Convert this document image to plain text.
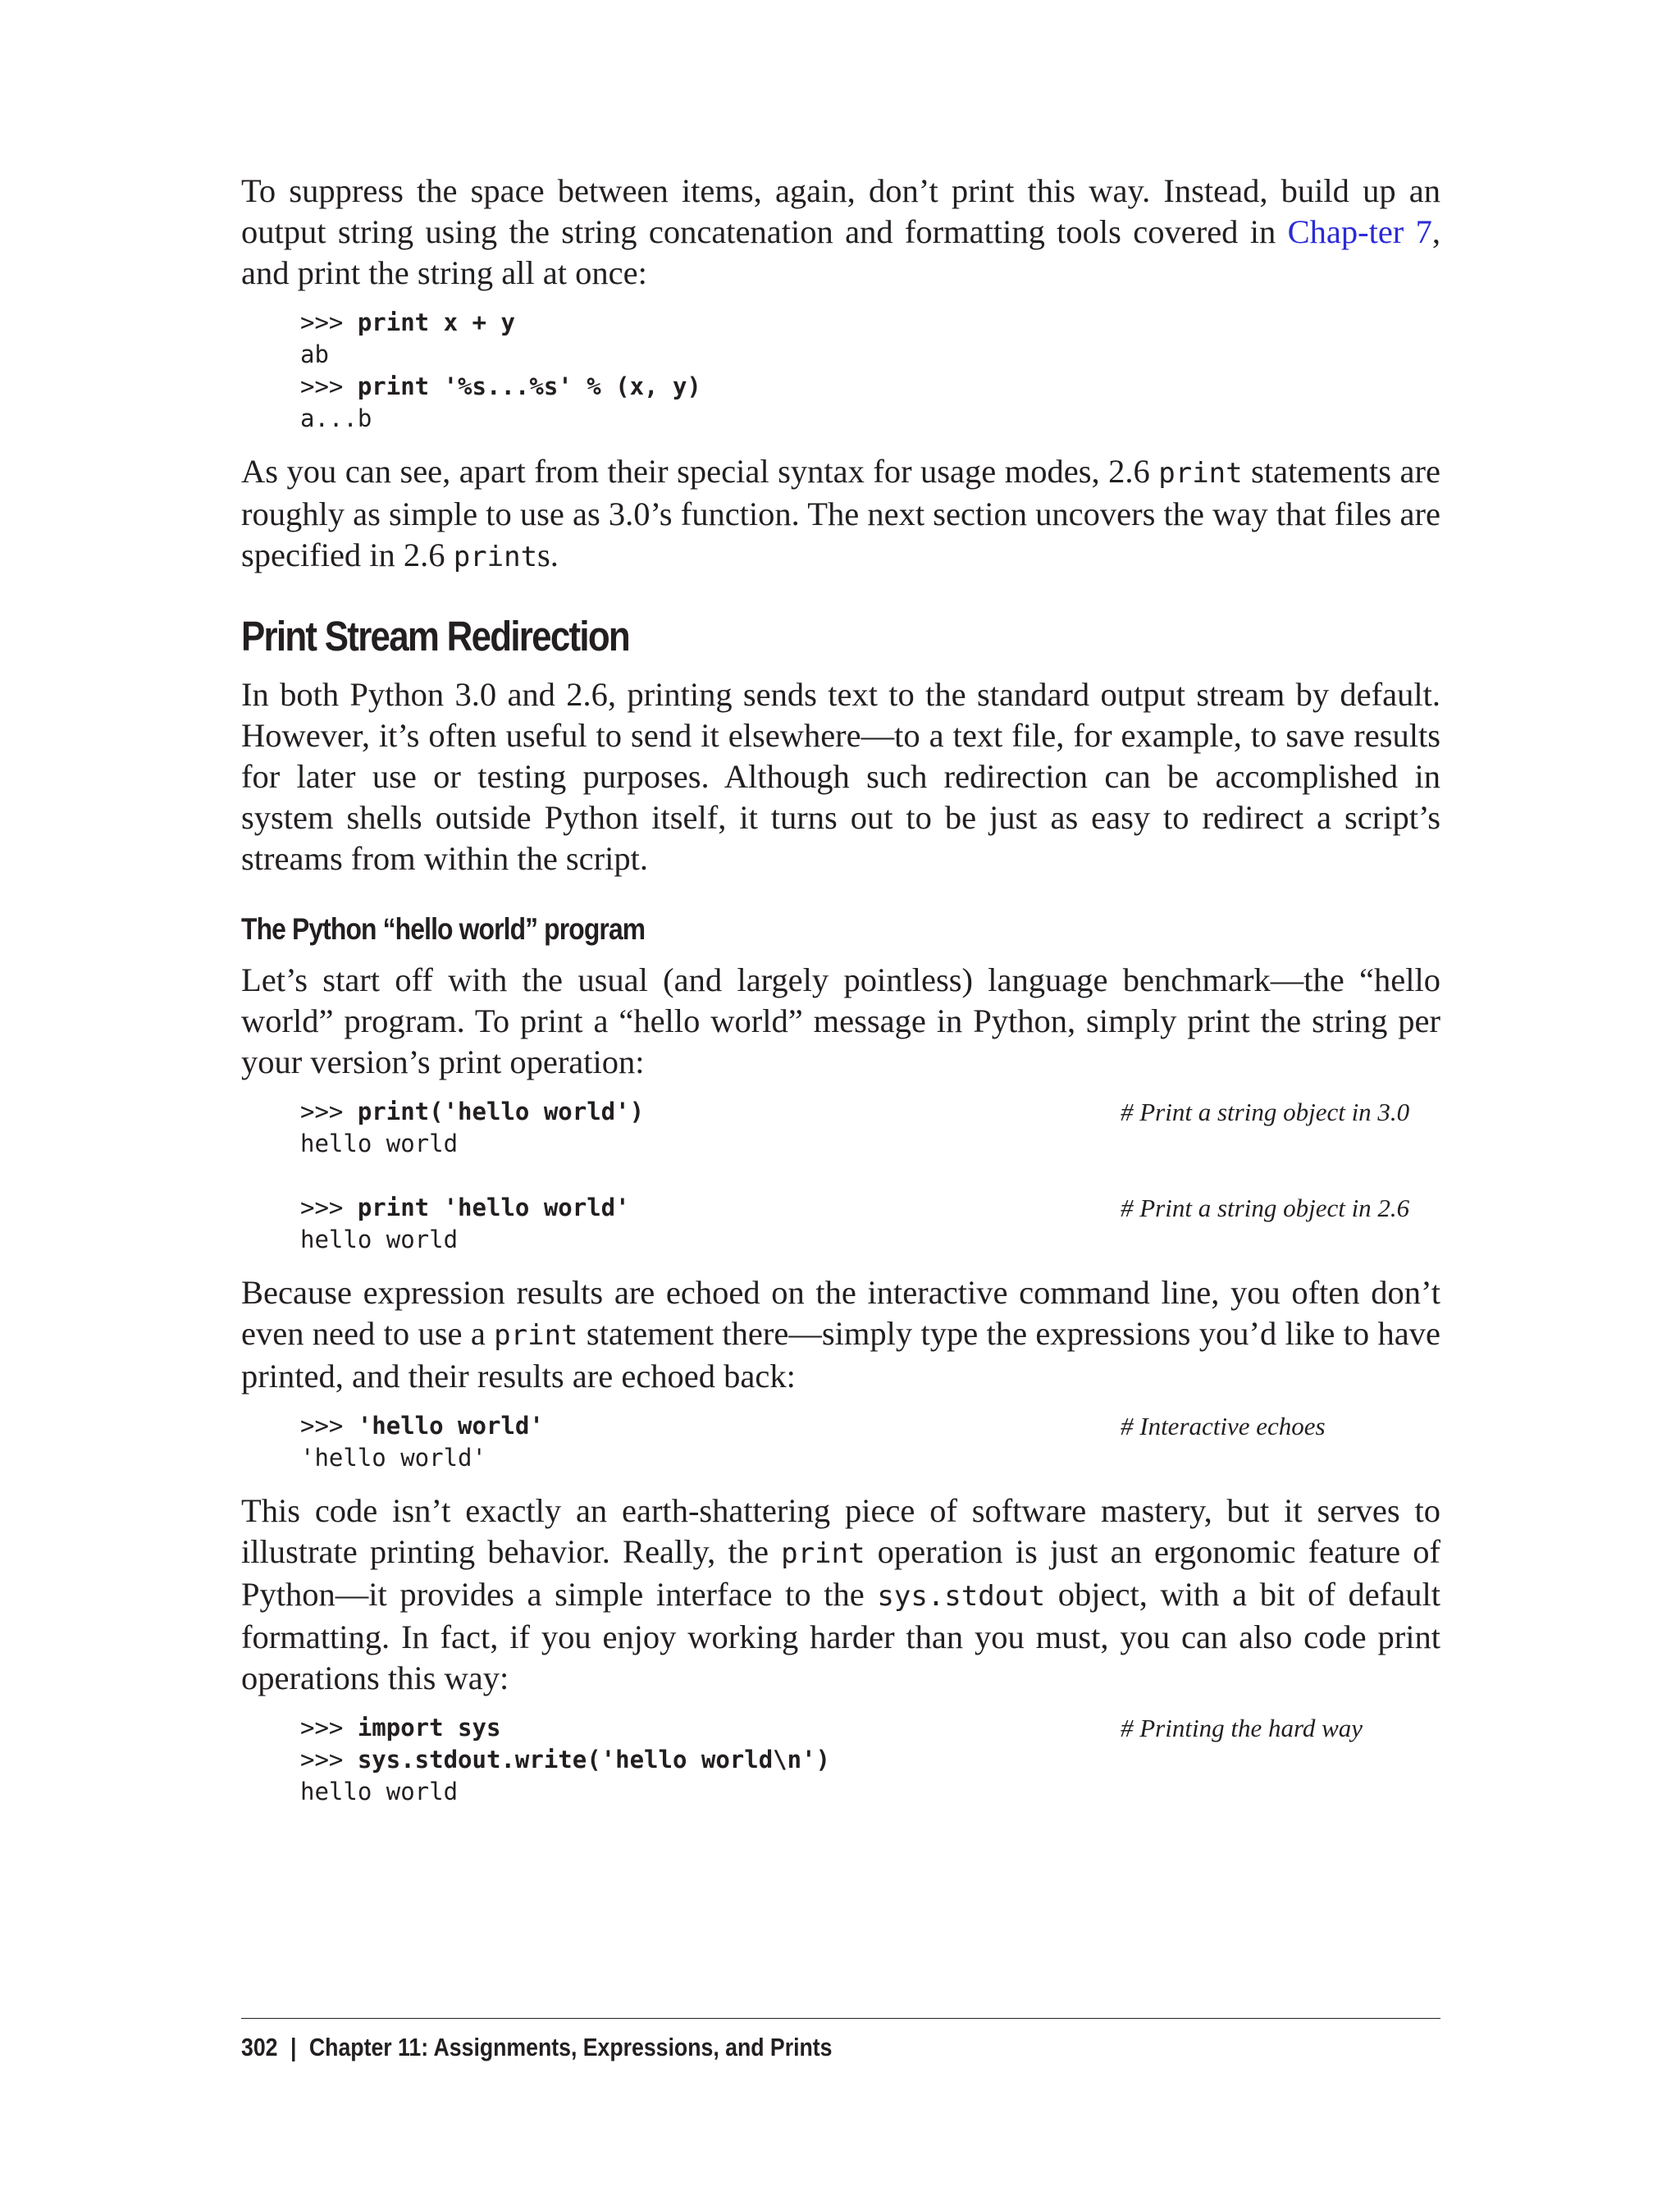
To suppress the space between items, again, don’t print this way. Instead, build up an output string using the string concatenation and formatting tools covered in Chap-ter 7, and print the string all at once:

>>> print x + y
ab
>>> print '%s...%s' % (x, y)
a...b

As you can see, apart from their special syntax for usage modes, 2.6 print statements are roughly as simple to use as 3.0’s function. The next section uncovers the way that files are specified in 2.6 prints.

Print Stream Redirection

In both Python 3.0 and 2.6, printing sends text to the standard output stream by default. However, it’s often useful to send it elsewhere—to a text file, for example, to save results for later use or testing purposes. Although such redirection can be accomplished in system shells outside Python itself, it turns out to be just as easy to redirect a script’s streams from within the script.

The Python “hello world” program

Let’s start off with the usual (and largely pointless) language benchmark—the “hello world” program. To print a “hello world” message in Python, simply print the string per your version’s print operation:

>>> print('hello world')	# Print a string object in 3.0
hello world
>>> print 'hello world'	# Print a string object in 2.6
hello world

Because expression results are echoed on the interactive command line, you often don’t even need to use a print statement there—simply type the expressions you’d like to have printed, and their results are echoed back:

>>> 'hello world'	# Interactive echoes
'hello world'

This code isn’t exactly an earth-shattering piece of software mastery, but it serves to illustrate printing behavior. Really, the print operation is just an ergonomic feature of Python—it provides a simple interface to the sys.stdout object, with a bit of default formatting. In fact, if you enjoy working harder than you must, you can also code print operations this way:

>>> import sys	# Printing the hard way
>>> sys.stdout.write('hello world\n')
hello world
302 | Chapter 11: Assignments, Expressions, and Prints
